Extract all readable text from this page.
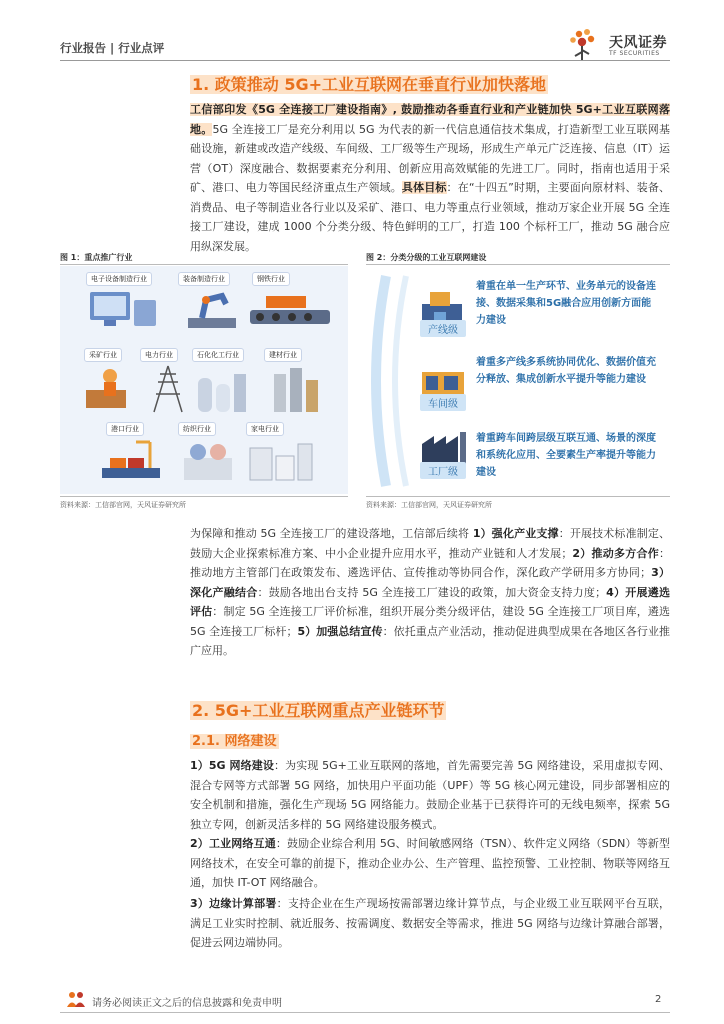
行业报告 | 行业点评	天风证券
TF SECURITIES
1. 政策推动 5G+工业互联网在垂直行业加快落地
工信部印发《5G 全连接工厂建设指南》, 鼓励推动各垂直行业和产业链加快 5G+工业互联网落地。5G 全连接工厂是充分利用以 5G 为代表的新一代信息通信技术集成，打造新型工业互联网基础设施，新建或改造产线级、车间级、工厂级等生产现场，形成生产单元广泛连接、信息（IT）运营（OT）深度融合、数据要素充分利用、创新应用高效赋能的先进工厂。同时，指南也适用于采矿、港口、电力等国民经济重点生产领域。具体目标：在“十四五”时期，主要面向原材料、装备、消费品、电子等制造业各行业以及采矿、港口、电力等重点行业领域，推动万家企业开展 5G 全连接工厂建设，建成 1000 个分类分级、特色鲜明的工厂，打造 100 个标杆工厂，推动 5G 融合应用纵深发展。
图 1：重点推广行业
电子设备制造行业	装备制造行业	钢铁行业
采矿行业	电力行业	石化化工行业	建材行业
港口行业	纺织行业	家电行业
资料来源：工信部官网，天风证券研究所
图 2：分类分级的工业互联网建设
产线级
着重在单一生产环节、业务单元的设备连接、数据采集和5G融合应用创新方面能力建设
车间级
着重多产线多系统协同优化、数据价值充分释放、集成创新水平提升等能力建设
工厂级
着重跨车间跨层级互联互通、场景的深度和系统化应用、全要素生产率提升等能力建设
资料来源：工信部官网，天风证券研究所
为保障和推动 5G 全连接工厂的建设落地，工信部后续将 1）强化产业支撑：开展技术标准制定、鼓励大企业探索标准方案、中小企业提升应用水平，推动产业链和人才发展；2）推动多方合作：推动地方主管部门在政策发布、遴选评估、宣传推动等协同合作，深化政产学研用多方协同；3）深化产融结合：鼓励各地出台支持 5G 全连接工厂建设的政策，加大资金支持力度；4）开展遴选评估：制定 5G 全连接工厂评价标准，组织开展分类分级评估，建设 5G 全连接工厂项目库，遴选 5G 全连接工厂标杆；5）加强总结宣传：依托重点产业活动，推动促进典型成果在各地区各行业推广应用。
2. 5G+工业互联网重点产业链环节
2.1. 网络建设
1）5G 网络建设：为实现 5G+工业互联网的落地，首先需要完善 5G 网络建设，采用虚拟专网、混合专网等方式部署 5G 网络，加快用户平面功能（UPF）等 5G 核心网元建设，同步部署相应的安全机制和措施，强化生产现场 5G 网络能力。鼓励企业基于已获得许可的无线电频率，探索 5G 独立专网，创新灵活多样的 5G 网络建设服务模式。
2）工业网络互通：鼓励企业综合利用 5G、时间敏感网络（TSN）、软件定义网络（SDN）等新型网络技术，在安全可靠的前提下，推动企业办公、生产管理、监控预警、工业控制、物联等网络互通，加快 IT-OT 网络融合。
3）边缘计算部署：支持企业在生产现场按需部署边缘计算节点，与企业级工业互联网平台互联，满足工业实时控制、就近服务、按需调度、数据安全等需求，推进 5G 网络与边缘计算融合部署，促进云网边端协同。
请务必阅读正文之后的信息披露和免责申明	2
